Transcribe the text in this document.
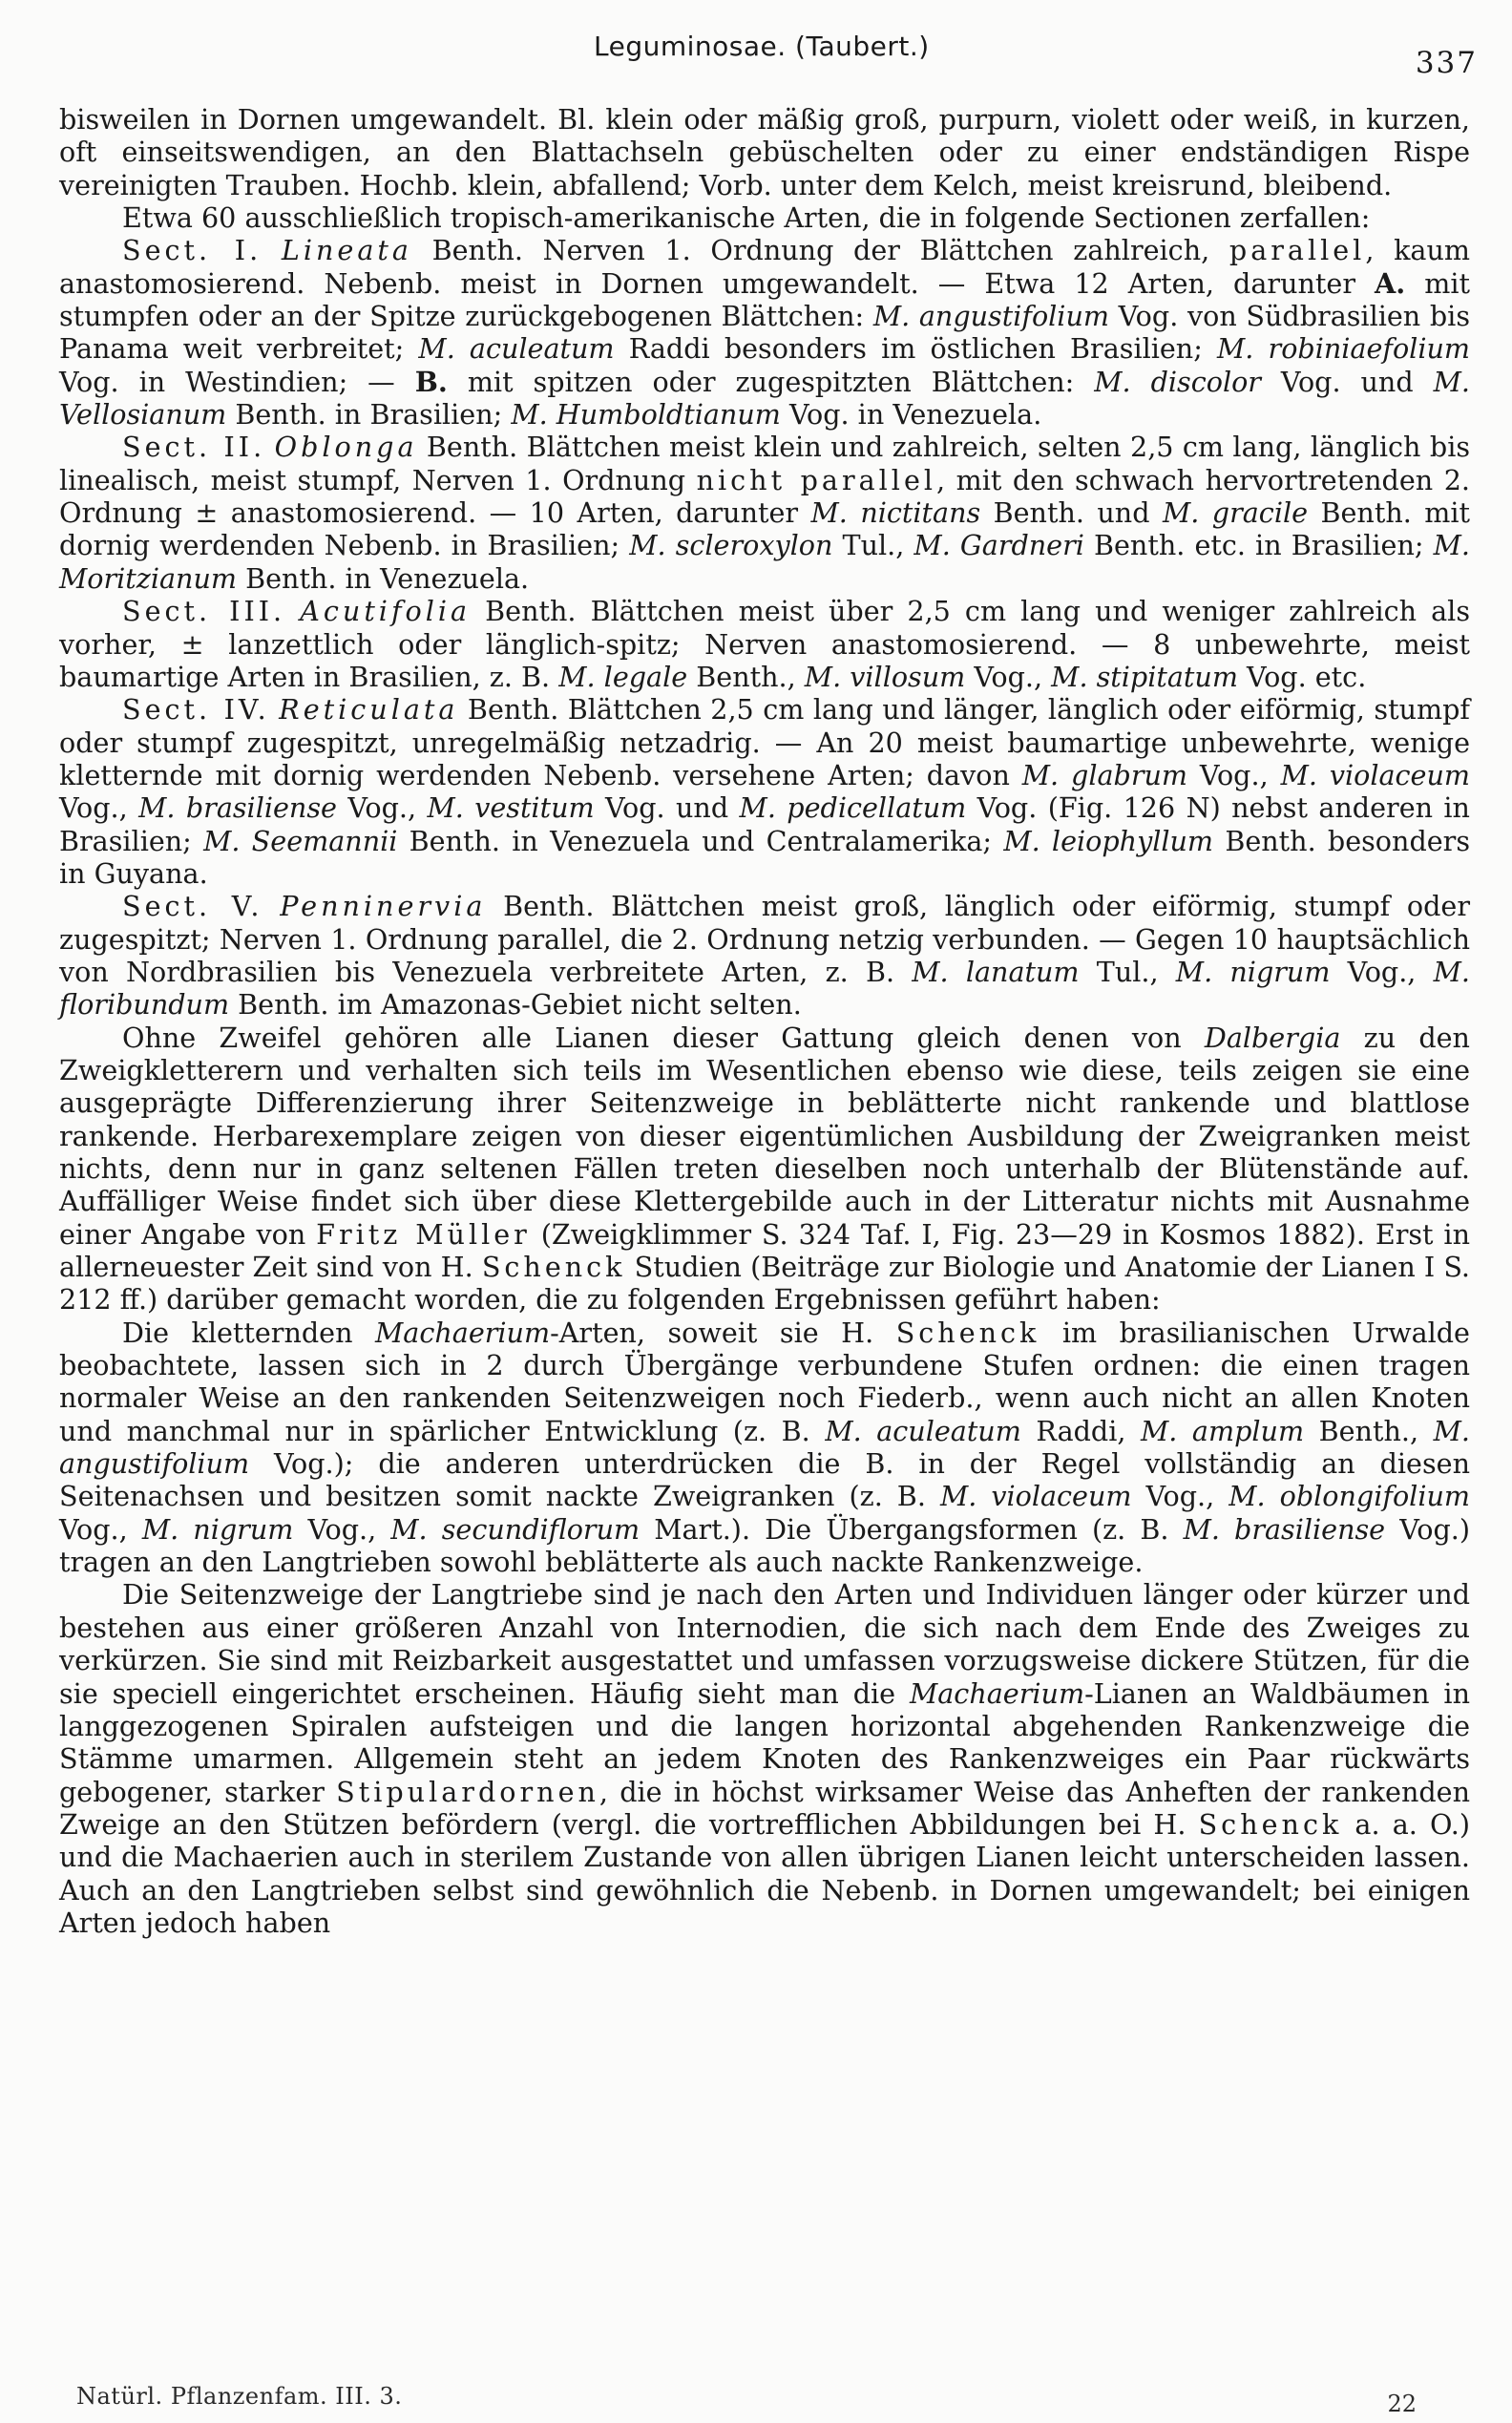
Leguminosae. (Taubert.)	337

bisweilen in Dornen umgewandelt. Bl. klein oder mäßig groß, purpurn, violett oder weiß, in kurzen, oft einseitswendigen, an den Blattachseln gebüschelten oder zu einer endständigen Rispe vereinigten Trauben. Hochb. klein, abfallend; Vorb. unter dem Kelch, meist kreisrund, bleibend.

Etwa 60 ausschließlich tropisch-amerikanische Arten, die in folgende Sectionen zerfallen:

Sect. I. Lineata Benth. Nerven 1. Ordnung der Blättchen zahlreich, parallel, kaum anastomosierend. Nebenb. meist in Dornen umgewandelt. — Etwa 12 Arten, darunter A. mit stumpfen oder an der Spitze zurückgebogenen Blättchen: M. angustifolium Vog. von Südbrasilien bis Panama weit verbreitet; M. aculeatum Raddi besonders im östlichen Brasilien; M. robiniaefolium Vog. in Westindien; — B. mit spitzen oder zugespitzten Blättchen: M. discolor Vog. und M. Vellosianum Benth. in Brasilien; M. Humboldtianum Vog. in Venezuela.

Sect. II. Oblonga Benth. Blättchen meist klein und zahlreich, selten 2,5 cm lang, länglich bis linealisch, meist stumpf, Nerven 1. Ordnung nicht parallel, mit den schwach hervortretenden 2. Ordnung ± anastomosierend. — 10 Arten, darunter M. nictitans Benth. und M. gracile Benth. mit dornig werdenden Nebenb. in Brasilien; M. scleroxylon Tul., M. Gardneri Benth. etc. in Brasilien; M. Moritzianum Benth. in Venezuela.

Sect. III. Acutifolia Benth. Blättchen meist über 2,5 cm lang und weniger zahlreich als vorher, ± lanzettlich oder länglich-spitz; Nerven anastomosierend. — 8 unbewehrte, meist baumartige Arten in Brasilien, z. B. M. legale Benth., M. villosum Vog., M. stipitatum Vog. etc.

Sect. IV. Reticulata Benth. Blättchen 2,5 cm lang und länger, länglich oder eiförmig, stumpf oder stumpf zugespitzt, unregelmäßig netzadrig. — An 20 meist baumartige unbewehrte, wenige kletternde mit dornig werdenden Nebenb. versehene Arten; davon M. glabrum Vog., M. violaceum Vog., M. brasiliense Vog., M. vestitum Vog. und M. pedicellatum Vog. (Fig. 126 N) nebst anderen in Brasilien; M. Seemannii Benth. in Venezuela und Centralamerika; M. leiophyllum Benth. besonders in Guyana.

Sect. V. Penninervia Benth. Blättchen meist groß, länglich oder eiförmig, stumpf oder zugespitzt; Nerven 1. Ordnung parallel, die 2. Ordnung netzig verbunden. — Gegen 10 hauptsächlich von Nordbrasilien bis Venezuela verbreitete Arten, z. B. M. lanatum Tul., M. nigrum Vog., M. floribundum Benth. im Amazonas-Gebiet nicht selten.

Ohne Zweifel gehören alle Lianen dieser Gattung gleich denen von Dalbergia zu den Zweigkletterern und verhalten sich teils im Wesentlichen ebenso wie diese, teils zeigen sie eine ausgeprägte Differenzierung ihrer Seitenzweige in beblätterte nicht rankende und blattlose rankende. Herbarexemplare zeigen von dieser eigentümlichen Ausbildung der Zweigranken meist nichts, denn nur in ganz seltenen Fällen treten dieselben noch unterhalb der Blütenstände auf. Auffälliger Weise findet sich über diese Klettergebilde auch in der Litteratur nichts mit Ausnahme einer Angabe von Fritz Müller (Zweigklimmer S. 324 Taf. I, Fig. 23—29 in Kosmos 1882). Erst in allerneuester Zeit sind von H. Schenck Studien (Beiträge zur Biologie und Anatomie der Lianen I S. 212 ff.) darüber gemacht worden, die zu folgenden Ergebnissen geführt haben:

Die kletternden Machaerium-Arten, soweit sie H. Schenck im brasilianischen Urwalde beobachtete, lassen sich in 2 durch Übergänge verbundene Stufen ordnen: die einen tragen normaler Weise an den rankenden Seitenzweigen noch Fiederb., wenn auch nicht an allen Knoten und manchmal nur in spärlicher Entwicklung (z. B. M. aculeatum Raddi, M. amplum Benth., M. angustifolium Vog.); die anderen unterdrücken die B. in der Regel vollständig an diesen Seitenachsen und besitzen somit nackte Zweigranken (z. B. M. violaceum Vog., M. oblongifolium Vog., M. nigrum Vog., M. secundiflorum Mart.). Die Übergangsformen (z. B. M. brasiliense Vog.) tragen an den Langtrieben sowohl beblätterte als auch nackte Rankenzweige.

Die Seitenzweige der Langtriebe sind je nach den Arten und Individuen länger oder kürzer und bestehen aus einer größeren Anzahl von Internodien, die sich nach dem Ende des Zweiges zu verkürzen. Sie sind mit Reizbarkeit ausgestattet und umfassen vorzugsweise dickere Stützen, für die sie speciell eingerichtet erscheinen. Häufig sieht man die Machaerium-Lianen an Waldbäumen in langgezogenen Spiralen aufsteigen und die langen horizontal abgehenden Rankenzweige die Stämme umarmen. Allgemein steht an jedem Knoten des Rankenzweiges ein Paar rückwärts gebogener, starker Stipulardornen, die in höchst wirksamer Weise das Anheften der rankenden Zweige an den Stützen befördern (vergl. die vortrefflichen Abbildungen bei H. Schenck a. a. O.) und die Machaerien auch in sterilem Zustande von allen übrigen Lianen leicht unterscheiden lassen. Auch an den Langtrieben selbst sind gewöhnlich die Nebenb. in Dornen umgewandelt; bei einigen Arten jedoch haben

Natürl. Pflanzenfam. III. 3.	22
